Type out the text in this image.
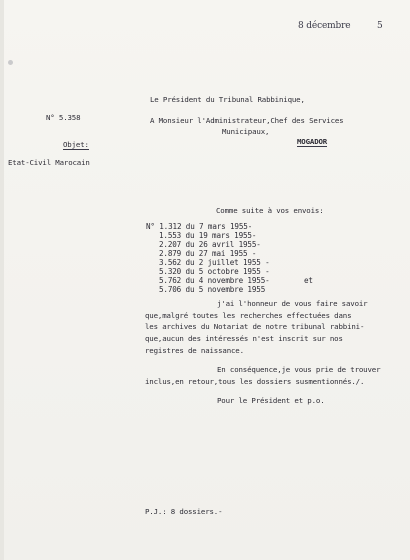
8 décembre	5
Le Président du Tribunal Rabbinique,
A Monsieur l'Administrateur,Chef des Services
Municipaux,
MOGADOR
N° 5.358
Objet:
Etat-Civil Marocain
Comme suite à vos envois:
N° 1.312 du 7 mars 1955-
1.553 du 19 mars 1955-
2.207 du 26 avril 1955-
2.879 du 27 mai 1955 -
3.562 du 2 juillet 1955 -
5.320 du 5 octobre 1955 -
5.762 du 4 novembre 1955-
5.706 du 5 novembre 1955
et
j'ai l'honneur de vous faire savoir
que,malgré toutes les recherches effectuées dans
les archives du Notariat de notre tribunal rabbini-
que,aucun des intéressés n'est inscrit sur nos
registres de naissance.
En conséquence,je vous prie de trouver
inclus,en retour,tous les dossiers susmentionnés./.
Pour le Président et p.o.
P.J.: 8 dossiers.-
